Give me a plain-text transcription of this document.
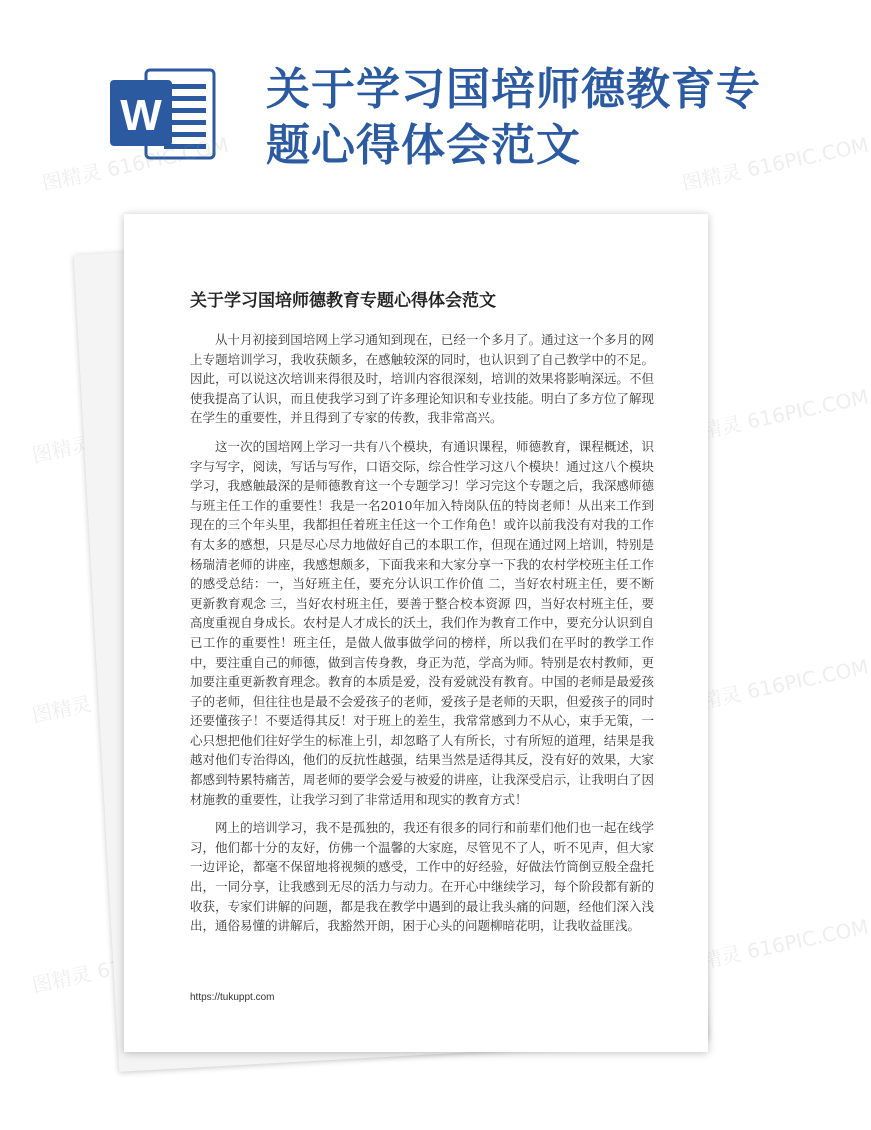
W
关于学习国培师德教育专题心得体会范文
图精灵 616PIC.COM	图精灵 616PIC.COM
图精灵
图精灵 616PIC.COM
图精灵	图精灵 616PIC.COM
图精灵
图精灵 616PIC.COM
关于学习国培师德教育专题心得体会范文

从十月初接到国培网上学习通知到现在，已经一个多月了。通过这一个多月的网上专题培训学习，我收获颇多，在感触较深的同时，也认识到了自己教学中的不足。因此，可以说这次培训来得很及时，培训内容很深刻，培训的效果将影响深远。不但使我提高了认识，而且使我学习到了许多理论知识和专业技能。明白了多方位了解现在学生的重要性，并且得到了专家的传教，我非常高兴。

这一次的国培网上学习一共有八个模块，有通识课程，师德教育，课程概述，识字与写字，阅读，写话与写作，口语交际，综合性学习这八个模块！通过这八个模块学习，我感触最深的是师德教育这一个专题学习！学习完这个专题之后，我深感师德与班主任工作的重要性！我是一名2010年加入特岗队伍的特岗老师！从出来工作到现在的三个年头里，我都担任着班主任这一个工作角色！或许以前我没有对我的工作有太多的感想，只是尽心尽力地做好自己的本职工作，但现在通过网上培训，特别是杨瑞清老师的讲座，我感想颇多，下面我来和大家分享一下我的农村学校班主任工作的感受总结：一，当好班主任，要充分认识工作价值 二，当好农村班主任，要不断更新教育观念 三，当好农村班主任，要善于整合校本资源 四，当好农村班主任，要高度重视自身成长。农村是人才成长的沃土，我们作为教育工作中，要充分认识到自已工作的重要性！班主任，是做人做事做学问的榜样，所以我们在平时的教学工作中，要注重自己的师德，做到言传身教，身正为范，学高为师。特别是农村教师，更加要注重更新教育理念。教育的本质是爱，没有爱就没有教育。中国的老师是最爱孩子的老师，但往往也是最不会爱孩子的老师，爱孩子是老师的天职，但爱孩子的同时还要懂孩子！不要适得其反！对于班上的差生，我常常感到力不从心，束手无策，一心只想把他们往好学生的标准上引，却忽略了人有所长，寸有所短的道理，结果是我越对他们专治得凶，他们的反抗性越强，结果当然是适得其反，没有好的效果，大家都感到特累特痛苦，周老师的要学会爱与被爱的讲座，让我深受启示，让我明白了因材施教的重要性，让我学习到了非常适用和现实的教育方式！

网上的培训学习，我不是孤独的，我还有很多的同行和前辈们他们也一起在线学习，他们都十分的友好，仿佛一个温馨的大家庭，尽管见不了人，听不见声，但大家一边评论，都毫不保留地将视频的感受，工作中的好经验，好做法竹筒倒豆般全盘托出，一同分享，让我感到无尽的活力与动力。在开心中继续学习，每个阶段都有新的收获，专家们讲解的问题，都是我在教学中遇到的最让我头痛的问题，经他们深入浅出，通俗易懂的讲解后，我豁然开朗，困于心头的问题柳暗花明，让我收益匪浅。

https://tukuppt.com
